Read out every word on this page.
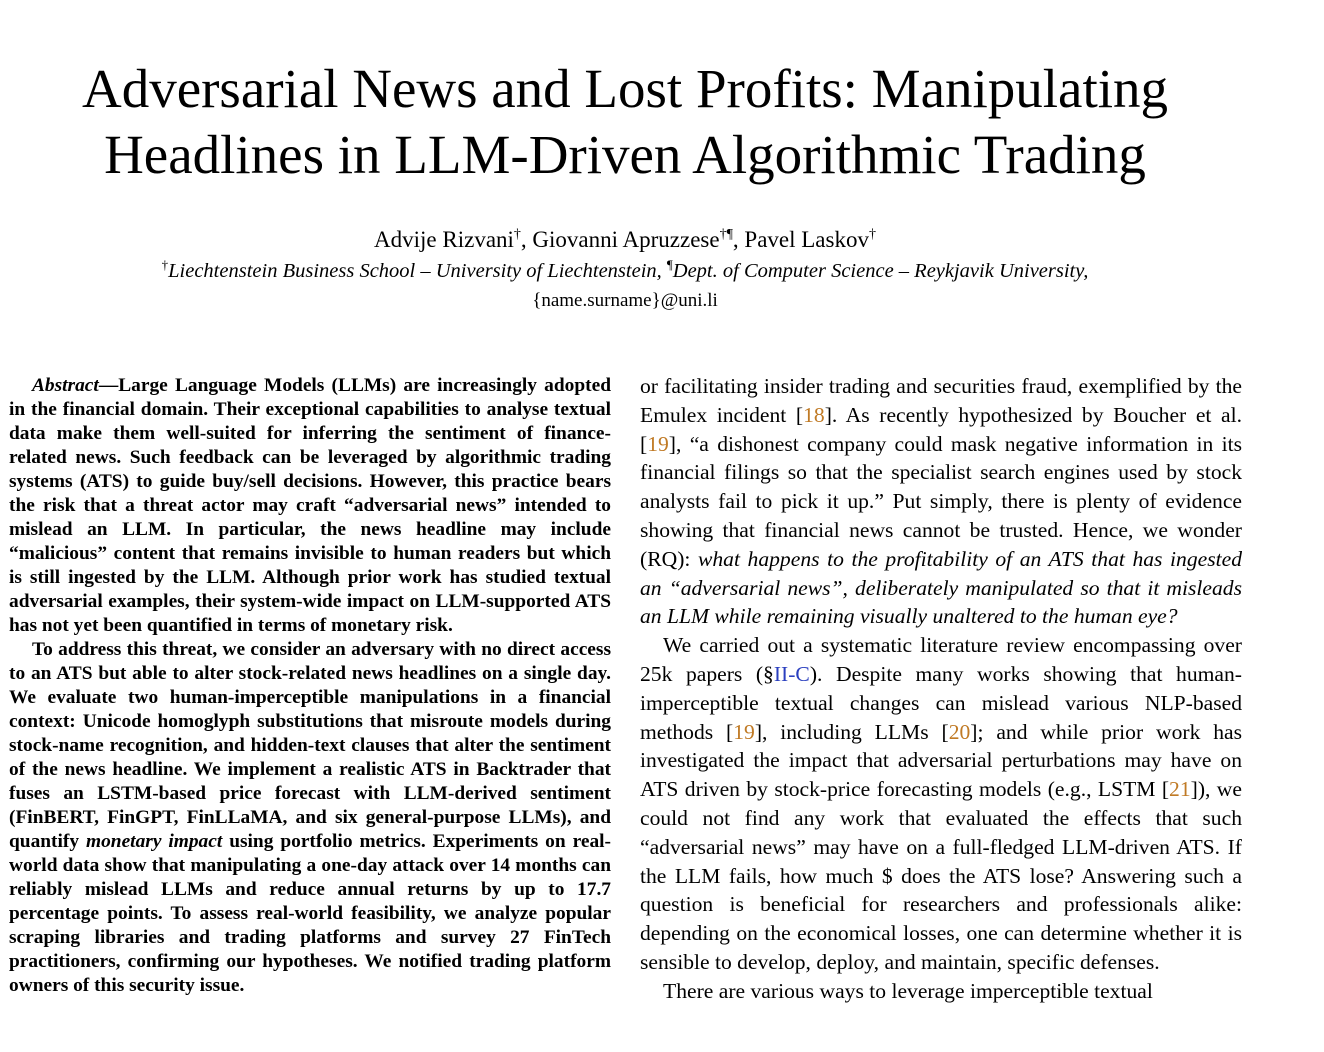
Adversarial News and Lost Profits: Manipulating
Headlines in LLM-Driven Algorithmic Trading
Advije Rizvani†, Giovanni Apruzzese†¶, Pavel Laskov†
†Liechtenstein Business School – University of Liechtenstein, ¶Dept. of Computer Science – Reykjavik University,
{name.surname}@uni.li

Abstract—Large Language Models (LLMs) are increasingly adopted in the financial domain. Their exceptional capabilities to analyse textual data make them well-suited for inferring the sentiment of finance-related news. Such feedback can be leveraged by algorithmic trading systems (ATS) to guide buy/sell decisions. However, this practice bears the risk that a threat actor may craft “adversarial news” intended to mislead an LLM. In particular, the news headline may include “malicious” content that remains invisible to human readers but which is still ingested by the LLM. Although prior work has studied textual adversarial examples, their system-wide impact on LLM-supported ATS has not yet been quantified in terms of monetary risk.

To address this threat, we consider an adversary with no direct access to an ATS but able to alter stock-related news headlines on a single day. We evaluate two human-imperceptible manipulations in a financial context: Unicode homoglyph substitutions that misroute models during stock-name recognition, and hidden-text clauses that alter the sentiment of the news headline. We implement a realistic ATS in Backtrader that fuses an LSTM-based price forecast with LLM-derived sentiment (FinBERT, FinGPT, FinLLaMA, and six general-purpose LLMs), and quantify monetary impact using portfolio metrics. Experiments on real-world data show that manipulating a one-day attack over 14 months can reliably mislead LLMs and reduce annual returns by up to 17.7 percentage points. To assess real-world feasibility, we analyze popular scraping libraries and trading platforms and survey 27 FinTech practitioners, confirming our hypotheses. We notified trading platform owners of this security issue.

or facilitating insider trading and securities fraud, exemplified by the Emulex incident [18]. As recently hypothesized by Boucher et al. [19], “a dishonest company could mask negative information in its financial filings so that the specialist search engines used by stock analysts fail to pick it up.” Put simply, there is plenty of evidence showing that financial news cannot be trusted. Hence, we wonder (RQ): what happens to the profitability of an ATS that has ingested an “adversarial news”, deliberately manipulated so that it misleads an LLM while remaining visually unaltered to the human eye?

We carried out a systematic literature review encompassing over 25k papers (§II-C). Despite many works showing that human-imperceptible textual changes can mislead various NLP-based methods [19], including LLMs [20]; and while prior work has investigated the impact that adversarial perturbations may have on ATS driven by stock-price forecasting models (e.g., LSTM [21]), we could not find any work that evaluated the effects that such “adversarial news” may have on a full-fledged LLM-driven ATS. If the LLM fails, how much $ does the ATS lose? Answering such a question is beneficial for researchers and professionals alike: depending on the economical losses, one can determine whether it is sensible to develop, deploy, and maintain, specific defenses.

There are various ways to leverage imperceptible textual
